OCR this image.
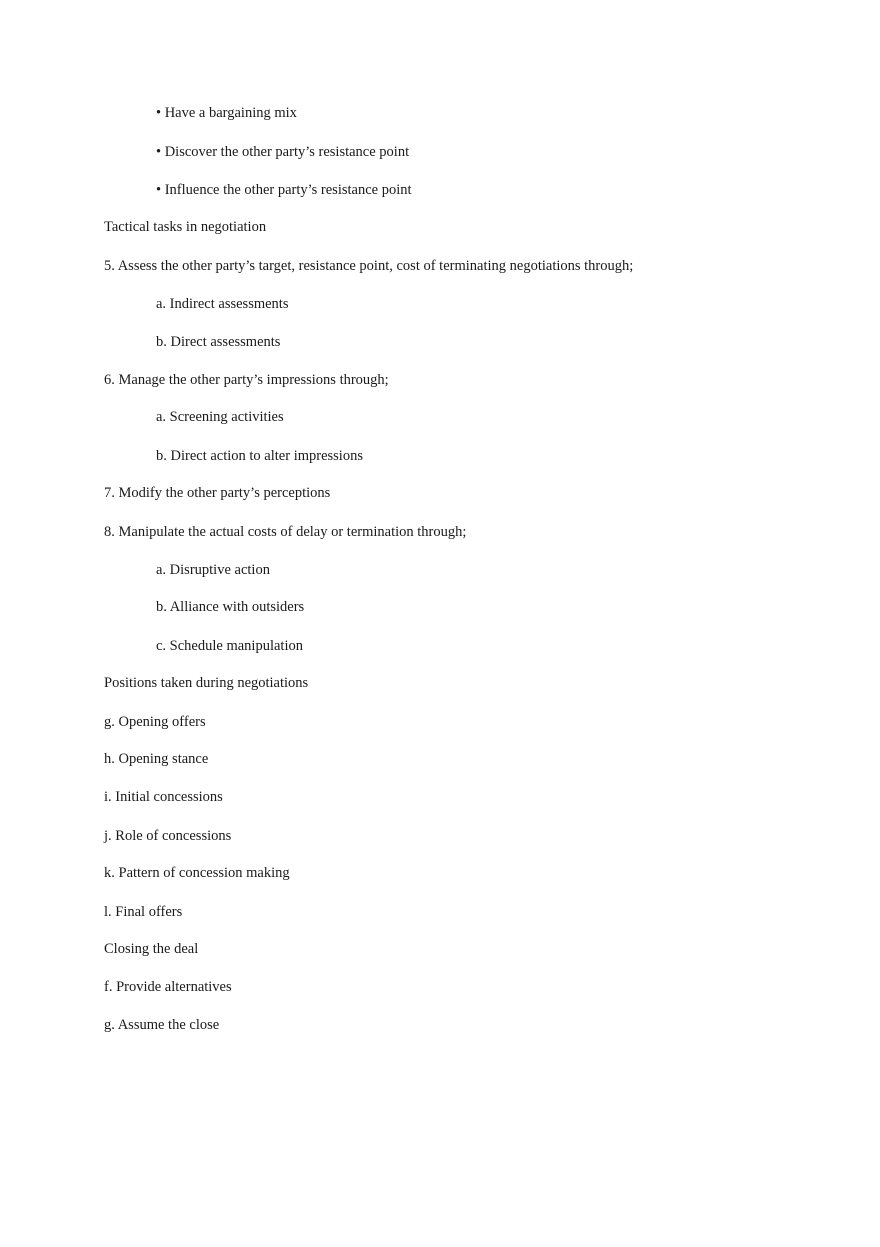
• Have a bargaining mix
• Discover the other party’s resistance point
• Influence the other party’s resistance point
Tactical tasks in negotiation
5. Assess the other party’s target, resistance point, cost of terminating negotiations through;
a. Indirect assessments
b. Direct assessments
6. Manage the other party’s impressions through;
a. Screening activities
b. Direct action to alter impressions
7. Modify the other party’s perceptions
8. Manipulate the actual costs of delay or termination through;
a. Disruptive action
b. Alliance with outsiders
c. Schedule manipulation
Positions taken during negotiations
g. Opening offers
h. Opening stance
i. Initial concessions
j. Role of concessions
k. Pattern of concession making
l. Final offers
Closing the deal
f. Provide alternatives
g. Assume the close
